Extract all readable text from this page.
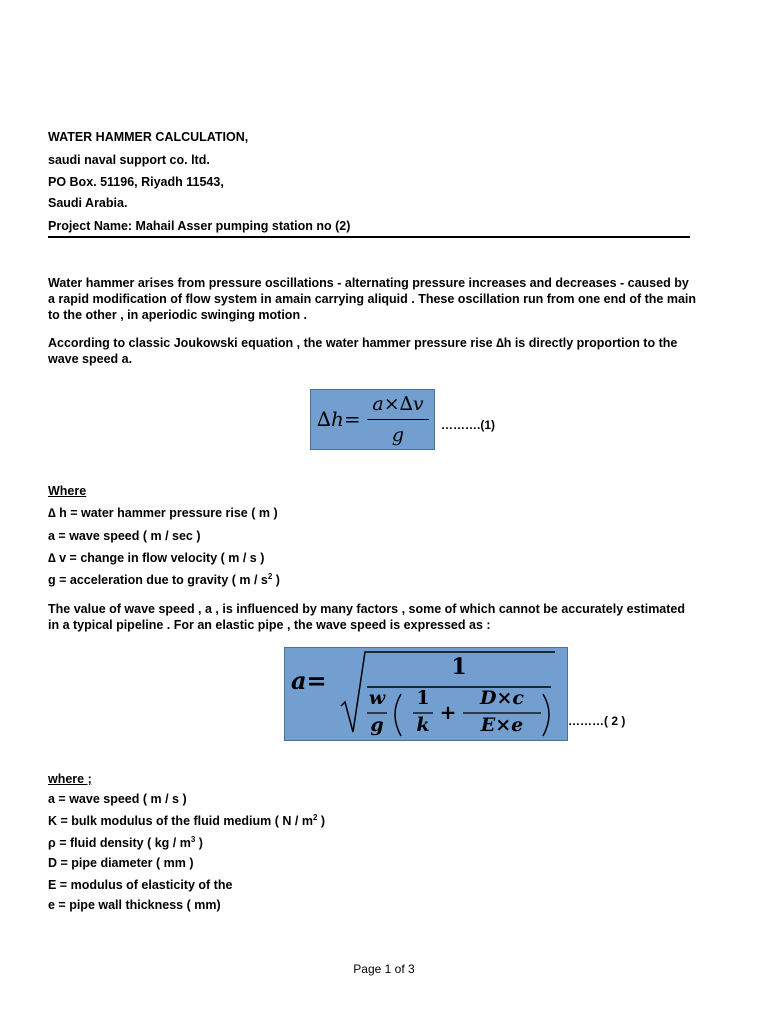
WATER HAMMER CALCULATION,
saudi naval support co. ltd.
PO Box. 51196, Riyadh 11543,
Saudi Arabia.
Project Name: Mahail Asser pumping station no (2)
Water hammer arises from pressure oscillations - alternating pressure increases and decreases - caused by a rapid modification of flow system in amain carrying aliquid . These oscillation run from one end of the main to the other , in aperiodic swinging motion .
According to classic Joukowski equation , the water hammer pressure rise ∆h is directly proportion to the wave speed a.
∆h=
a×∆v
g	……….(1)
Where
∆ h = water hammer pressure rise ( m )
a = wave speed ( m / sec )
∆ v = change in flow velocity ( m / s )
g = acceleration due to gravity ( m / $s^2$ )
The value of wave speed , a , is influenced by many factors , some of which cannot be accurately estimated in a typical pipeline . For an elastic pipe , the wave speed is expressed as :
a=	1
w
g
1
k
+
D×c
E×e	………( 2 )
where ;
a = wave speed ( m / s )
K = bulk modulus of the fluid medium ( N / $m^2$ )
ρ = fluid density ( kg / $m^3$ )
D = pipe diameter ( mm )
E = modulus of elasticity of the
e = pipe wall thickness ( mm)
Page 1 of 3
